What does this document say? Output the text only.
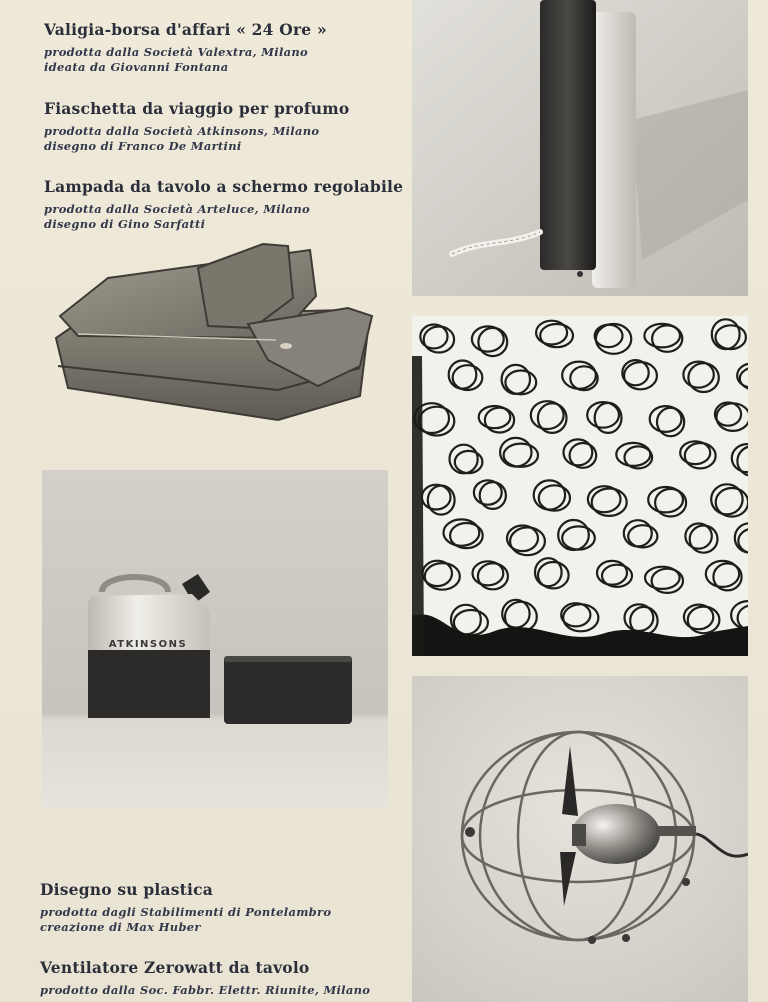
Valigia-borsa d'affari « 24 Ore »
prodotta dalla Società Valextra, Milano
ideata da Giovanni Fontana
Fiaschetta da viaggio per profumo
prodotta dalla Società Atkinsons, Milano
disegno di Franco De Martini
Lampada da tavolo a schermo regolabile
prodotta dalla Società Arteluce, Milano
disegno di Gino Sarfatti
Disegno su plastica
prodotta dagli Stabilimenti di Pontelambro
creazione di Max Huber
Ventilatore Zerowatt da tavolo
prodotto dalla Soc. Fabbr. Elettr. Riunite, Milano
ATKINSONS
